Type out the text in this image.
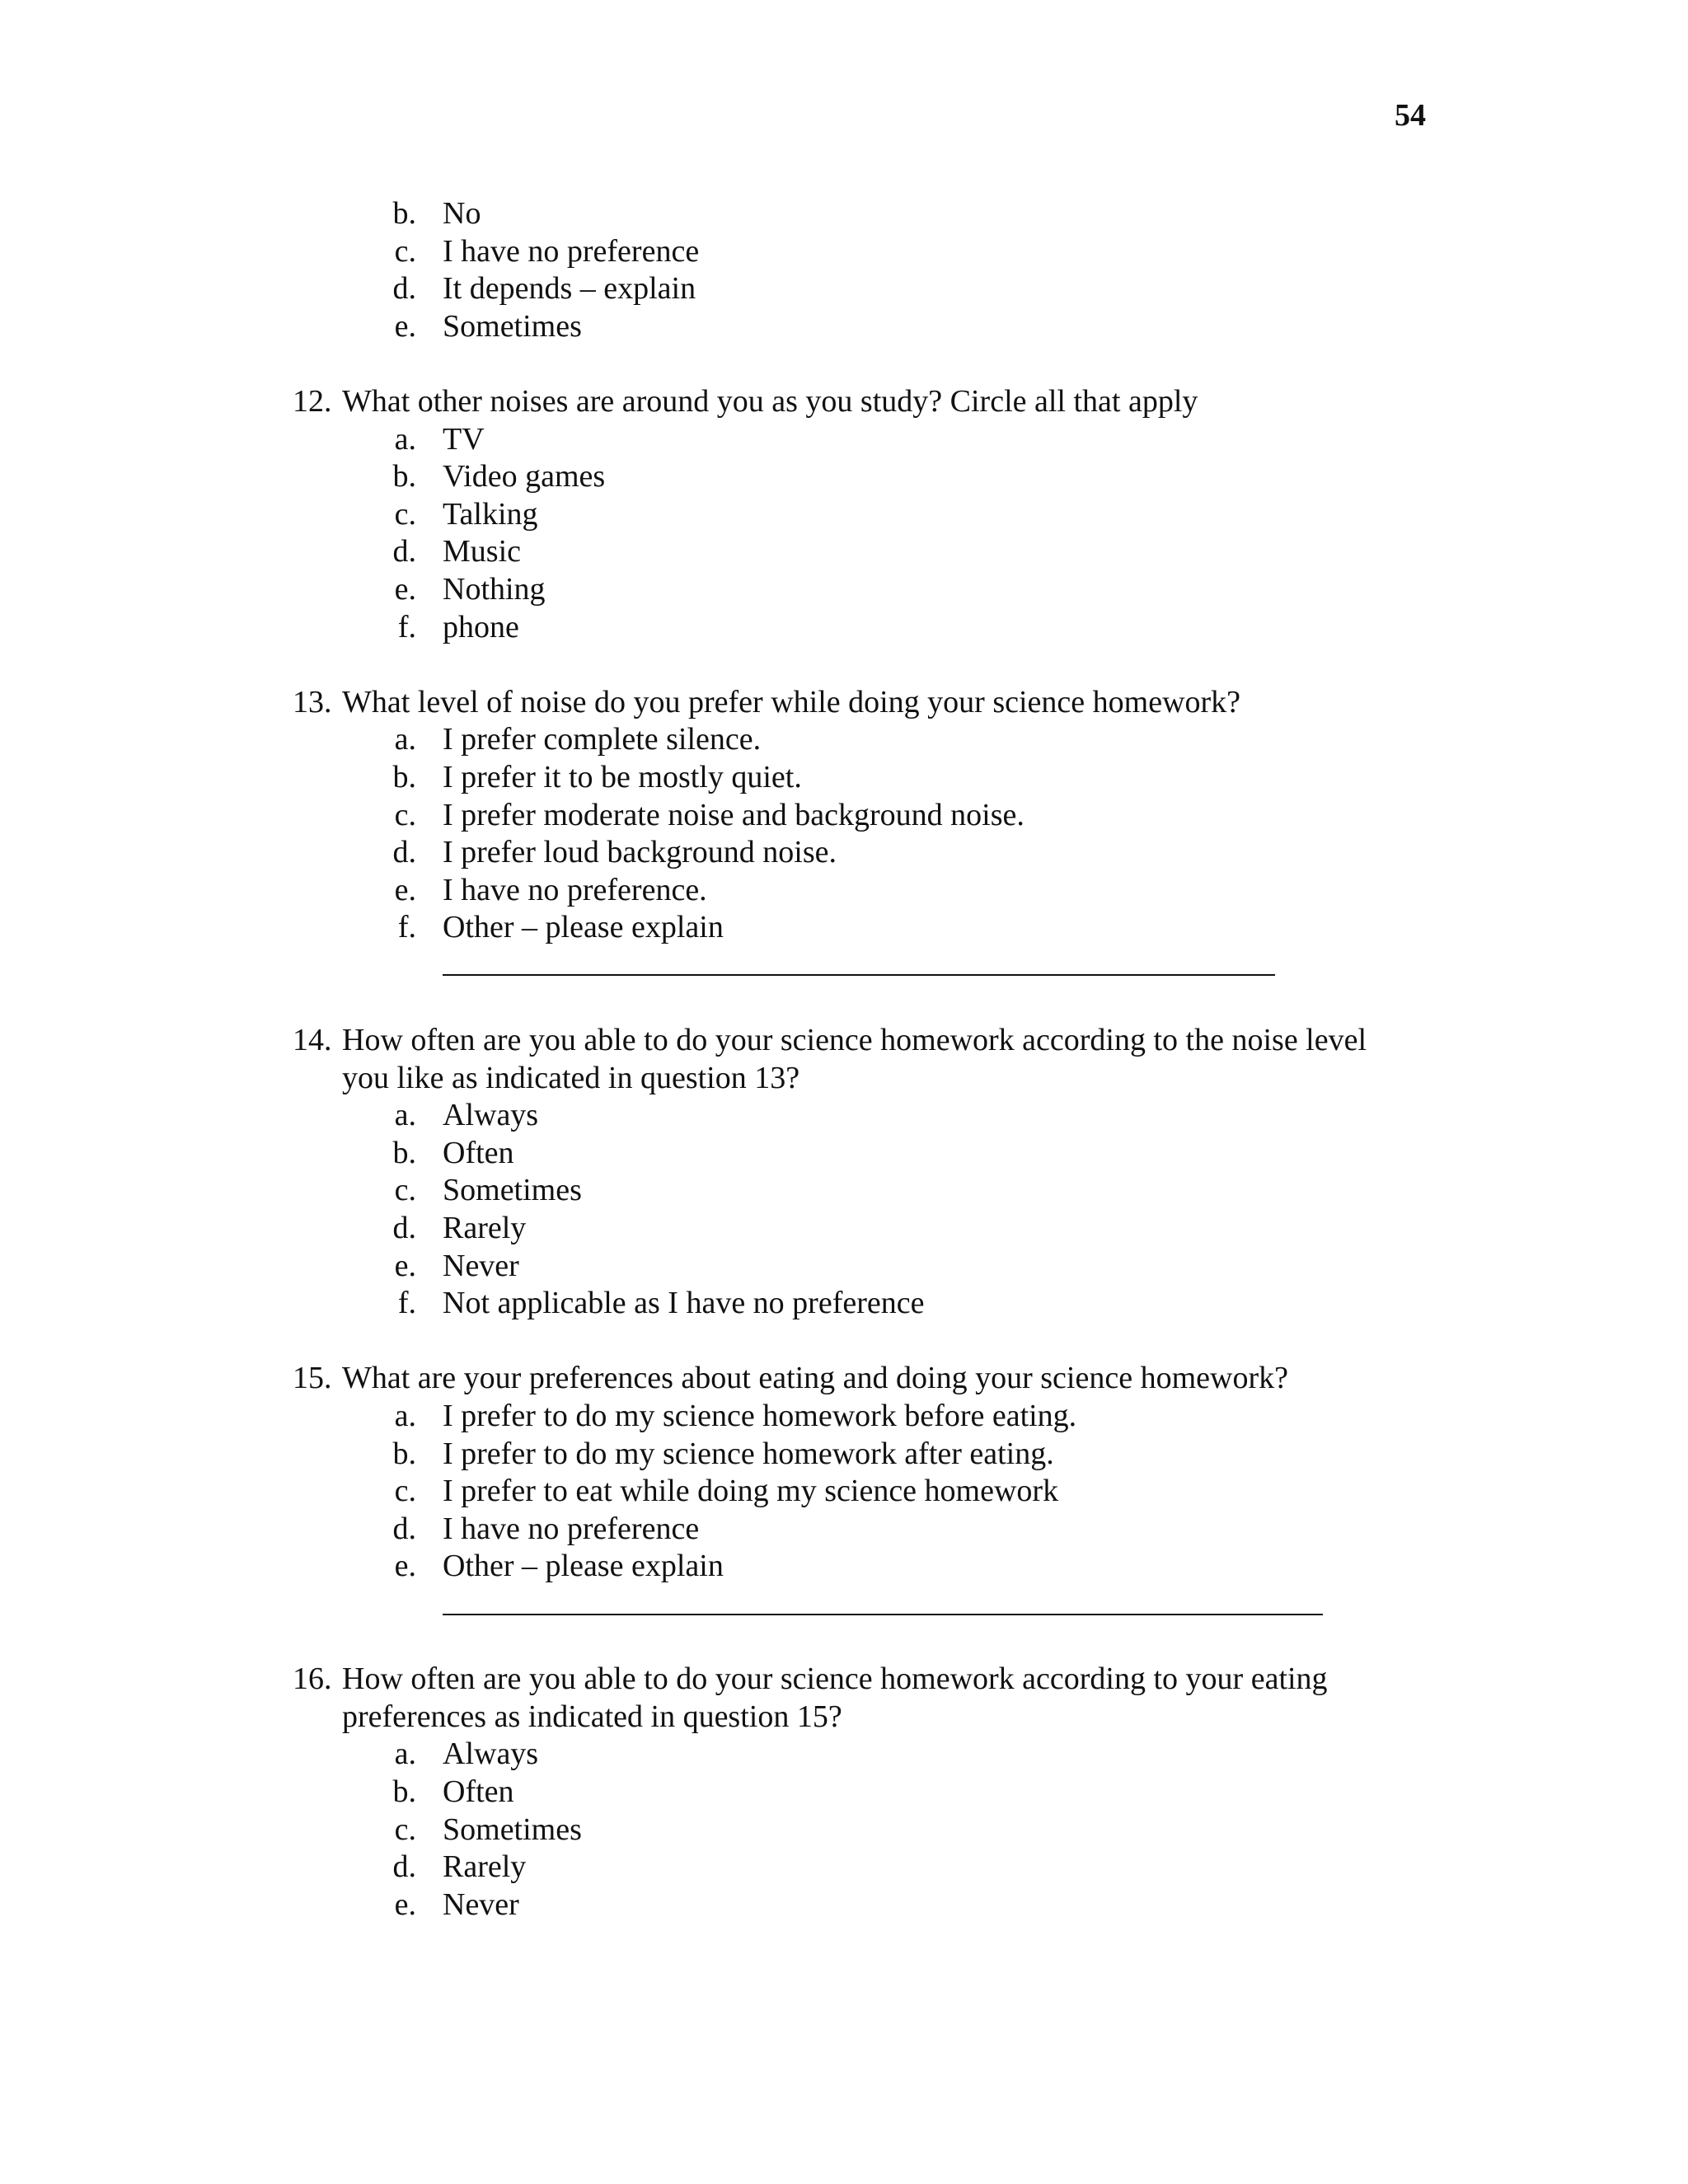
54
b. No
c. I have no preference
d. It depends – explain
e. Sometimes
12. What other noises are around you as you study? Circle all that apply
a. TV
b. Video games
c. Talking
d. Music
e. Nothing
f. phone
13. What level of noise do you prefer while doing your science homework?
a. I prefer complete silence.
b. I prefer it to be mostly quiet.
c. I prefer moderate noise and background noise.
d. I prefer loud background noise.
e. I have no preference.
f. Other – please explain
14. How often are you able to do your science homework according to the noise level
you like as indicated in question 13?
a. Always
b. Often
c. Sometimes
d. Rarely
e. Never
f. Not applicable as I have no preference
15. What are your preferences about eating and doing your science homework?
a. I prefer to do my science homework before eating.
b. I prefer to do my science homework after eating.
c. I prefer to eat while doing my science homework
d. I have no preference
e. Other – please explain
16. How often are you able to do your science homework according to your eating
preferences as indicated in question 15?
a. Always
b. Often
c. Sometimes
d. Rarely
e. Never
